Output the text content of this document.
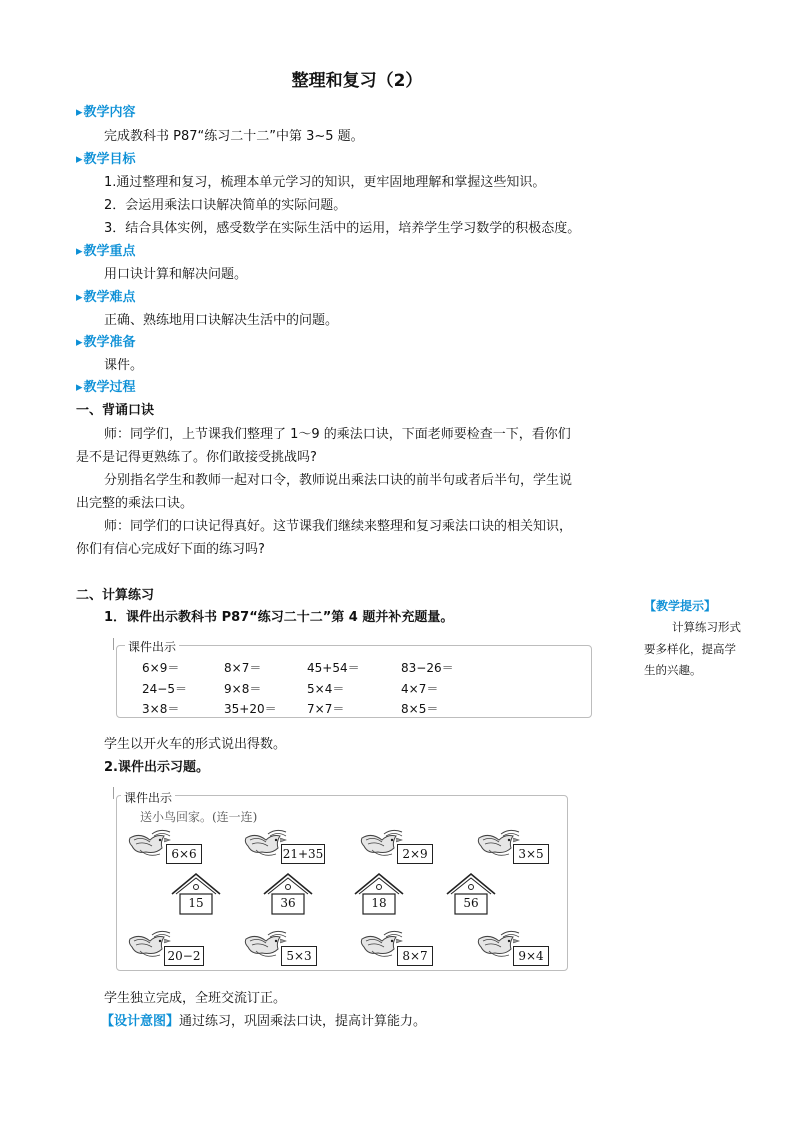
整理和复习（2）
▸ 教学内容
完成教科书 P87“练习二十二”中第 3~5 题。
▸ 教学目标
1.通过整理和复习，梳理本单元学习的知识，更牢固地理解和掌握这些知识。
2．会运用乘法口诀解决简单的实际问题。
3．结合具体实例，感受数学在实际生活中的运用，培养学生学习数学的积极态度。
▸ 教学重点
用口诀计算和解决问题。
▸ 教学难点
正确、熟练地用口诀解决生活中的问题。
▸ 教学准备
课件。
▸ 教学过程
一、背诵口诀
师：同学们，上节课我们整理了 1～9 的乘法口诀，下面老师要检查一下，看你们
是不是记得更熟练了。你们敢接受挑战吗?
分别指名学生和教师一起对口令，教师说出乘法口诀的前半句或者后半句，学生说
出完整的乘法口诀。
师：同学们的口诀记得真好。这节课我们继续来整理和复习乘法口诀的相关知识，
你们有信心完成好下面的练习吗?
二、计算练习
1．课件出示教科书 P87“练习二十二”第 4 题并补充题量。
【教学提示】
计算练习形式
要多样化，提高学
生的兴趣。
课件出示
6×9＝	8×7＝	45+54＝	83−26＝
24−5＝	9×8＝	5×4＝	4×7＝
3×8＝	35+20＝	7×7＝	8×5＝
学生以开火车的形式说出得数。
2.课件出示习题。
课件出示
送小鸟回家。(连一连)
6×6	21+35	2×9	3×5
15	36	18	56
20−2	5×3	8×7	9×4
学生独立完成，全班交流订正。
【设计意图】通过练习，巩固乘法口诀，提高计算能力。
